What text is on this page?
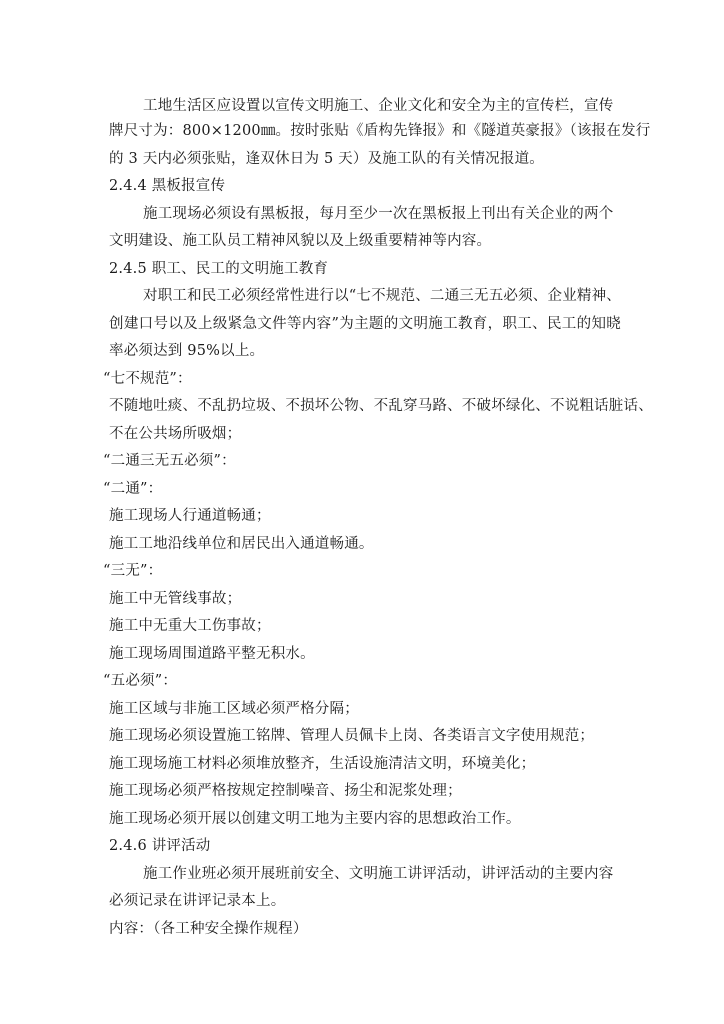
工地生活区应设置以宣传文明施工、企业文化和安全为主的宣传栏，宣传
牌尺寸为：800×1200㎜。按时张贴《盾构先锋报》和《隧道英豪报》（该报在发行
的 3 天内必须张贴，逢双休日为 5 天）及施工队的有关情况报道。
2.4.4 黑板报宣传
施工现场必须设有黑板报，每月至少一次在黑板报上刊出有关企业的两个
文明建设、施工队员工精神风貌以及上级重要精神等内容。
2.4.5 职工、民工的文明施工教育
对职工和民工必须经常性进行以“七不规范、二通三无五必须、企业精神、
创建口号以及上级紧急文件等内容”为主题的文明施工教育，职工、民工的知晓
率必须达到 95%以上。
“七不规范”：
不随地吐痰、不乱扔垃圾、不损坏公物、不乱穿马路、不破坏绿化、不说粗话脏话、
不在公共场所吸烟；
“二通三无五必须”：
“二通”：
施工现场人行通道畅通；
施工工地沿线单位和居民出入通道畅通。
“三无”：
施工中无管线事故；
施工中无重大工伤事故；
施工现场周围道路平整无积水。
“五必须”：
施工区域与非施工区域必须严格分隔；
施工现场必须设置施工铭牌、管理人员佩卡上岗、各类语言文字使用规范；
施工现场施工材料必须堆放整齐，生活设施清洁文明，环境美化；
施工现场必须严格按规定控制噪音、扬尘和泥浆处理；
施工现场必须开展以创建文明工地为主要内容的思想政治工作。
2.4.6 讲评活动
施工作业班必须开展班前安全、文明施工讲评活动，讲评活动的主要内容
必须记录在讲评记录本上。
内容：（各工种安全操作规程）
